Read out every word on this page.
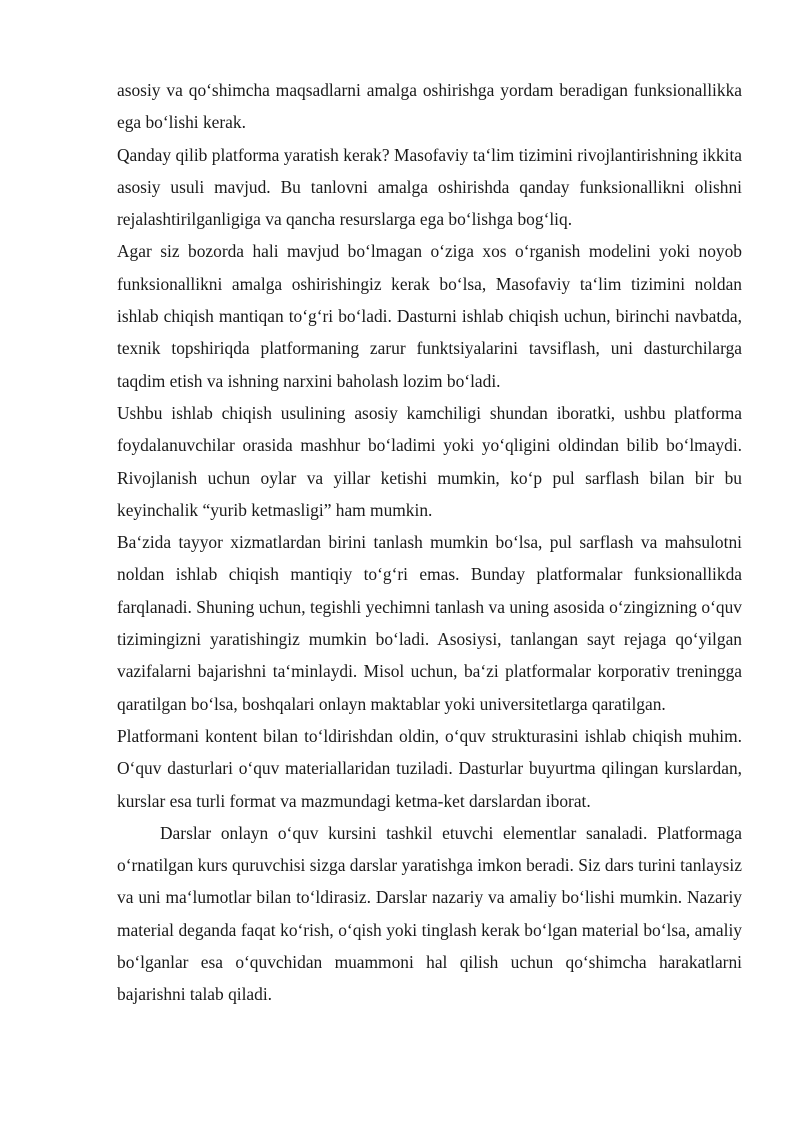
asosiy va qo‘shimcha maqsadlarni amalga oshirishga yordam beradigan funksionallikka ega bo‘lishi kerak.

Qanday qilib platforma yaratish kerak? Masofaviy ta‘lim tizimini rivojlantirishning ikkita asosiy usuli mavjud. Bu tanlovni amalga oshirishda qanday funksionallikni olishni rejalashtirilganligiga va qancha resurslarga ega bo‘lishga bog‘liq.

Agar siz bozorda hali mavjud bo‘lmagan o‘ziga xos o‘rganish modelini yoki noyob funksionallikni amalga oshirishingiz kerak bo‘lsa, Masofaviy ta‘lim tizimini noldan ishlab chiqish mantiqan to‘g‘ri bo‘ladi. Dasturni ishlab chiqish uchun, birinchi navbatda, texnik topshiriqda platformaning zarur funktsiyalarini tavsiflash, uni dasturchilarga taqdim etish va ishning narxini baholash lozim bo‘ladi.

Ushbu ishlab chiqish usulining asosiy kamchiligi shundan iboratki, ushbu platforma foydalanuvchilar orasida mashhur bo‘ladimi yoki yo‘qligini oldindan bilib bo‘lmaydi. Rivojlanish uchun oylar va yillar ketishi mumkin, ko‘p pul sarflash bilan bir bu keyinchalik “yurib ketmasligi” ham mumkin.

Ba‘zida tayyor xizmatlardan birini tanlash mumkin bo‘lsa, pul sarflash va mahsulotni noldan ishlab chiqish mantiqiy to‘g‘ri emas. Bunday platformalar funksionallikda farqlanadi. Shuning uchun, tegishli yechimni tanlash va uning asosida o‘zingizning o‘quv tizimingizni yaratishingiz mumkin bo‘ladi. Asosiysi, tanlangan sayt rejaga qo‘yilgan vazifalarni bajarishni ta‘minlaydi. Misol uchun, ba‘zi platformalar korporativ treningga qaratilgan bo‘lsa, boshqalari onlayn maktablar yoki universitetlarga qaratilgan.

Platformani kontent bilan to‘ldirishdan oldin, o‘quv strukturasini ishlab chiqish muhim. O‘quv dasturlari o‘quv materiallaridan tuziladi. Dasturlar buyurtma qilingan kurslardan, kurslar esa turli format va mazmundagi ketma-ket darslardan iborat.

Darslar onlayn o‘quv kursini tashkil etuvchi elementlar sanaladi. Platformaga o‘rnatilgan kurs quruvchisi sizga darslar yaratishga imkon beradi. Siz dars turini tanlaysiz va uni ma‘lumotlar bilan to‘ldirasiz. Darslar nazariy va amaliy bo‘lishi mumkin. Nazariy material deganda faqat ko‘rish, o‘qish yoki tinglash kerak bo‘lgan material bo‘lsa, amaliy bo‘lganlar esa o‘quvchidan muammoni hal qilish uchun qo‘shimcha harakatlarni bajarishni talab qiladi.
